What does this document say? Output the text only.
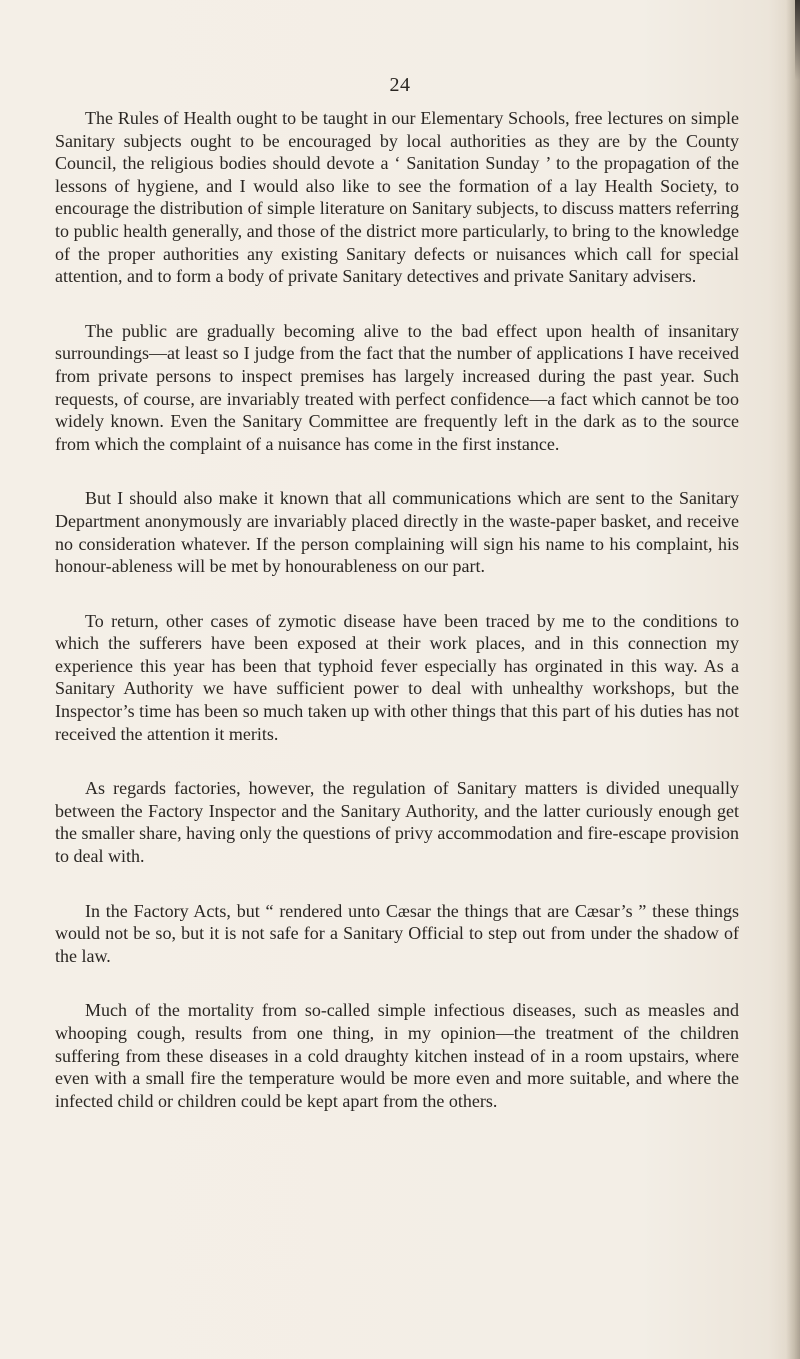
24

The Rules of Health ought to be taught in our Elementary Schools, free lectures on simple Sanitary subjects ought to be encouraged by local authorities as they are by the County Council, the religious bodies should devote a ‘ Sanitation Sunday ’ to the propagation of the lessons of hygiene, and I would also like to see the formation of a lay Health Society, to encourage the distribution of simple literature on Sanitary subjects, to discuss matters referring to public health generally, and those of the district more particularly, to bring to the knowledge of the proper authorities any existing Sanitary defects or nuisances which call for special attention, and to form a body of private Sanitary detectives and private Sanitary advisers.

The public are gradually becoming alive to the bad effect upon health of insanitary surroundings—at least so I judge from the fact that the number of applications I have received from private persons to inspect premises has largely increased during the past year. Such requests, of course, are invariably treated with perfect confidence—a fact which cannot be too widely known. Even the Sanitary Committee are frequently left in the dark as to the source from which the complaint of a nuisance has come in the first instance.

But I should also make it known that all communications which are sent to the Sanitary Department anonymously are invariably placed directly in the waste-paper basket, and receive no consideration whatever. If the person complaining will sign his name to his complaint, his honour-ableness will be met by honourableness on our part.

To return, other cases of zymotic disease have been traced by me to the conditions to which the sufferers have been exposed at their work places, and in this connection my experience this year has been that typhoid fever especially has orginated in this way. As a Sanitary Authority we have sufficient power to deal with unhealthy workshops, but the Inspector’s time has been so much taken up with other things that this part of his duties has not received the attention it merits.

As regards factories, however, the regulation of Sanitary matters is divided unequally between the Factory Inspector and the Sanitary Authority, and the latter curiously enough get the smaller share, having only the questions of privy accommodation and fire-escape provision to deal with.

In the Factory Acts, but “ rendered unto Cæsar the things that are Cæsar’s ” these things would not be so, but it is not safe for a Sanitary Official to step out from under the shadow of the law.

Much of the mortality from so-called simple infectious diseases, such as measles and whooping cough, results from one thing, in my opinion—the treatment of the children suffering from these diseases in a cold draughty kitchen instead of in a room upstairs, where even with a small fire the temperature would be more even and more suitable, and where the infected child or children could be kept apart from the others.
